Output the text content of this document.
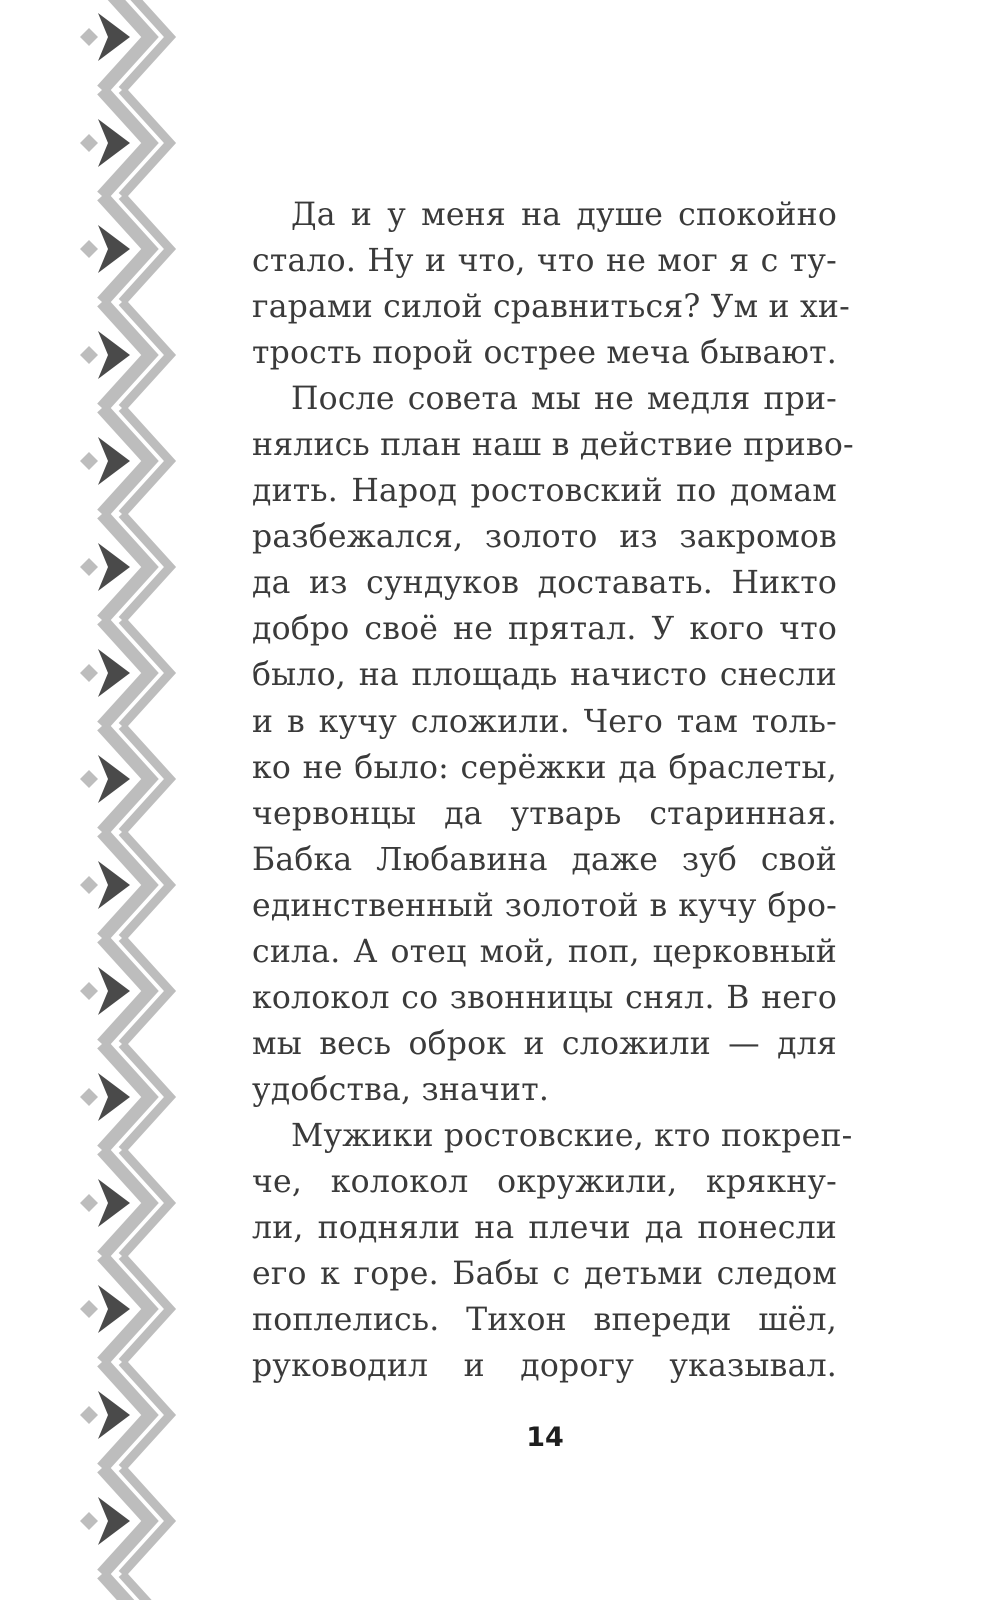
Да и у меня на душе спокойно
стало. Ну и что, что не мог я с ту-
гарами силой сравниться? Ум и хи-
трость порой острее меча бывают.
После совета мы не медля при-
нялись план наш в действие приво-
дить. Народ ростовский по домам
разбежался, золото из закромов
да из сундуков доставать. Никто
добро своё не прятал. У кого что
было, на площадь начисто снесли
и в кучу сложили. Чего там толь-
ко не было: серёжки да браслеты,
червонцы да утварь старинная.
Бабка Любавина даже зуб свой
единственный золотой в кучу бро-
сила. А отец мой, поп, церковный
колокол со звонницы снял. В него
мы весь оброк и сложили — для
удобства, значит.
Мужики ростовские, кто покреп-
че, колокол окружили, крякну-
ли, подняли на плечи да понесли
его к горе. Бабы с детьми следом
поплелись. Тихон впереди шёл,
руководил и дорогу указывал.
14
